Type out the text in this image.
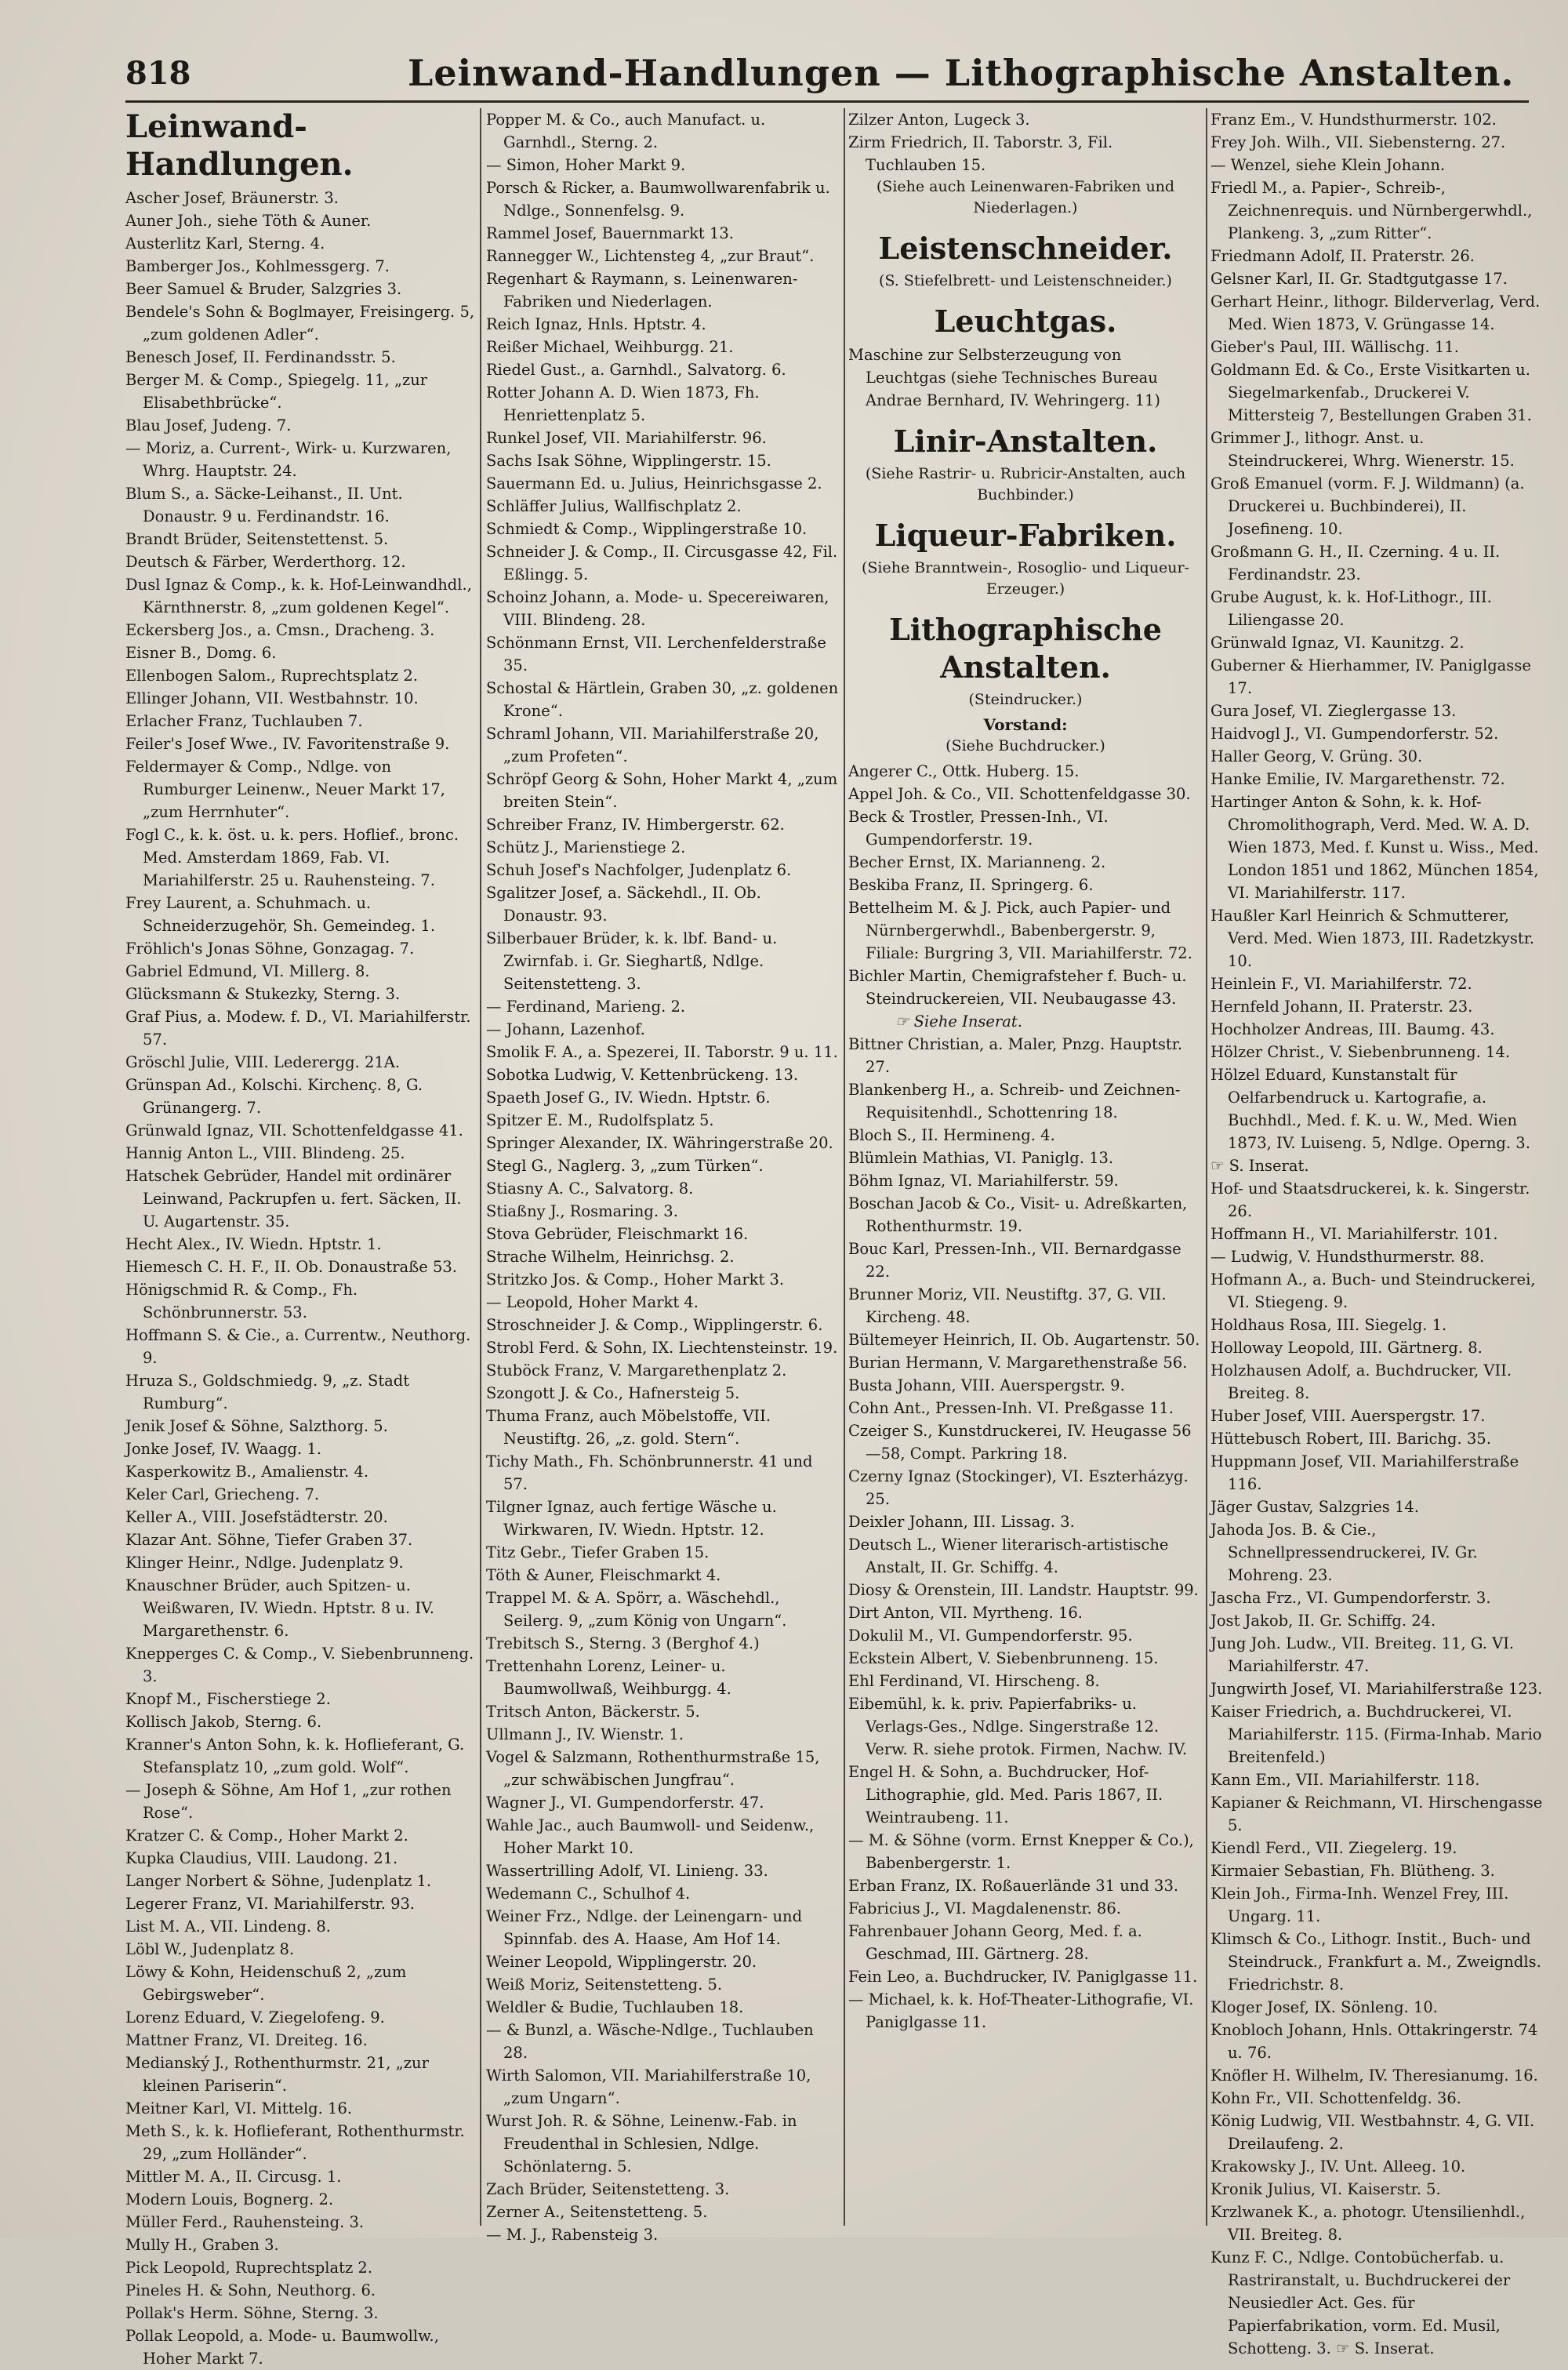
818	Leinwand-Handlungen — Lithographische Anstalten.
Leinwand-Handlungen.

Ascher Josef, Bräunerstr. 3.

Auner Joh., siehe Töth & Auner.

Austerlitz Karl, Sterng. 4.

Bamberger Jos., Kohlmessgerg. 7.

Beer Samuel & Bruder, Salzgries 3.

Bendele's Sohn & Boglmayer, Freisingerg. 5, „zum goldenen Adler“.

Benesch Josef, II. Ferdinandsstr. 5.

Berger M. & Comp., Spiegelg. 11, „zur Elisabethbrücke“.

Blau Josef, Judeng. 7.

— Moriz, a. Current-, Wirk- u. Kurzwaren, Whrg. Hauptstr. 24.

Blum S., a. Säcke-Leihanst., II. Unt. Donaustr. 9 u. Ferdinandstr. 16.

Brandt Brüder, Seitenstettenst. 5.

Deutsch & Färber, Werderthorg. 12.

Dusl Ignaz & Comp., k. k. Hof-Leinwandhdl., Kärnthnerstr. 8, „zum goldenen Kegel“.

Eckersberg Jos., a. Cmsn., Dracheng. 3.

Eisner B., Domg. 6.

Ellenbogen Salom., Ruprechtsplatz 2.

Ellinger Johann, VII. Westbahnstr. 10.

Erlacher Franz, Tuchlauben 7.

Feiler's Josef Wwe., IV. Favoritenstraße 9.

Feldermayer & Comp., Ndlge. von Rumburger Leinenw., Neuer Markt 17, „zum Herrnhuter“.

Fogl C., k. k. öst. u. k. pers. Hoflief., bronc. Med. Amsterdam 1869, Fab. VI. Mariahilferstr. 25 u. Rauhensteing. 7.

Frey Laurent, a. Schuhmach. u. Schneiderzugehör, Sh. Gemeindeg. 1.

Fröhlich's Jonas Söhne, Gonzagag. 7.

Gabriel Edmund, VI. Millerg. 8.

Glücksmann & Stukezky, Sterng. 3.

Graf Pius, a. Modew. f. D., VI. Mariahilferstr. 57.

Gröschl Julie, VIII. Lederergg. 21A.

Grünspan Ad., Kolschi. Kirchenç. 8, G. Grünangerg. 7.

Grünwald Ignaz, VII. Schottenfeldgasse 41.

Hannig Anton L., VIII. Blindeng. 25.

Hatschek Gebrüder, Handel mit ordinärer Leinwand, Packrupfen u. fert. Säcken, II. U. Augartenstr. 35.

Hecht Alex., IV. Wiedn. Hptstr. 1.

Hiemesch C. H. F., II. Ob. Donaustraße 53.

Hönigschmid R. & Comp., Fh. Schönbrunnerstr. 53.

Hoffmann S. & Cie., a. Currentw., Neuthorg. 9.

Hruza S., Goldschmiedg. 9, „z. Stadt Rumburg“.

Jenik Josef & Söhne, Salzthorg. 5.

Jonke Josef, IV. Waagg. 1.

Kasperkowitz B., Amalienstr. 4.

Keler Carl, Griecheng. 7.

Keller A., VIII. Josefstädterstr. 20.

Klazar Ant. Söhne, Tiefer Graben 37.

Klinger Heinr., Ndlge. Judenplatz 9.

Knauschner Brüder, auch Spitzen- u. Weißwaren, IV. Wiedn. Hptstr. 8 u. IV. Margarethenstr. 6.

Knepperges C. & Comp., V. Siebenbrunneng. 3.

Knopf M., Fischerstiege 2.

Kollisch Jakob, Sterng. 6.

Kranner's Anton Sohn, k. k. Hoflieferant, G. Stefansplatz 10, „zum gold. Wolf“.

— Joseph & Söhne, Am Hof 1, „zur rothen Rose“.

Kratzer C. & Comp., Hoher Markt 2.

Kupka Claudius, VIII. Laudong. 21.

Langer Norbert & Söhne, Judenplatz 1.

Legerer Franz, VI. Mariahilferstr. 93.

List M. A., VII. Lindeng. 8.

Löbl W., Judenplatz 8.

Löwy & Kohn, Heidenschuß 2, „zum Gebirgsweber“.

Lorenz Eduard, V. Ziegelofeng. 9.

Mattner Franz, VI. Dreiteg. 16.

Medianský J., Rothenthurmstr. 21, „zur kleinen Pariserin“.

Meitner Karl, VI. Mittelg. 16.

Meth S., k. k. Hoflieferant, Rothenthurmstr. 29, „zum Holländer“.

Mittler M. A., II. Circusg. 1.

Modern Louis, Bognerg. 2.

Müller Ferd., Rauhensteing. 3.

Mully H., Graben 3.

Pick Leopold, Ruprechtsplatz 2.

Pineles H. & Sohn, Neuthorg. 6.

Pollak's Herm. Söhne, Sterng. 3.

Pollak Leopold, a. Mode- u. Baumwollw., Hoher Markt 7.

Popper M. & Co., auch Manufact. u. Garnhdl., Sterng. 2.

— Simon, Hoher Markt 9.

Porsch & Ricker, a. Baumwollwarenfabrik u. Ndlge., Sonnenfelsg. 9.

Rammel Josef, Bauernmarkt 13.

Rannegger W., Lichtensteg 4, „zur Braut“.

Regenhart & Raymann, s. Leinenwaren-Fabriken und Niederlagen.

Reich Ignaz, Hnls. Hptstr. 4.

Reißer Michael, Weihburgg. 21.

Riedel Gust., a. Garnhdl., Salvatorg. 6.

Rotter Johann A. D. Wien 1873, Fh. Henriettenplatz 5.

Runkel Josef, VII. Mariahilferstr. 96.

Sachs Isak Söhne, Wipplingerstr. 15.

Sauermann Ed. u. Julius, Heinrichsgasse 2.

Schläffer Julius, Wallfischplatz 2.

Schmiedt & Comp., Wipplingerstraße 10.

Schneider J. & Comp., II. Circusgasse 42, Fil. Eßlingg. 5.

Schoinz Johann, a. Mode- u. Specereiwaren, VIII. Blindeng. 28.

Schönmann Ernst, VII. Lerchenfelderstraße 35.

Schostal & Härtlein, Graben 30, „z. goldenen Krone“.

Schraml Johann, VII. Mariahilferstraße 20, „zum Profeten“.

Schröpf Georg & Sohn, Hoher Markt 4, „zum breiten Stein“.

Schreiber Franz, IV. Himbergerstr. 62.

Schütz J., Marienstiege 2.

Schuh Josef's Nachfolger, Judenplatz 6.

Sgalitzer Josef, a. Säckehdl., II. Ob. Donaustr. 93.

Silberbauer Brüder, k. k. lbf. Band- u. Zwirnfab. i. Gr. Sieghartß, Ndlge. Seitenstetteng. 3.

— Ferdinand, Marieng. 2.

— Johann, Lazenhof.

Smolik F. A., a. Spezerei, II. Taborstr. 9 u. 11.

Sobotka Ludwig, V. Kettenbrückeng. 13.

Spaeth Josef G., IV. Wiedn. Hptstr. 6.

Spitzer E. M., Rudolfsplatz 5.

Springer Alexander, IX. Währingerstraße 20.

Stegl G., Naglerg. 3, „zum Türken“.

Stiasny A. C., Salvatorg. 8.

Stiaßny J., Rosmaring. 3.

Stova Gebrüder, Fleischmarkt 16.

Strache Wilhelm, Heinrichsg. 2.

Stritzko Jos. & Comp., Hoher Markt 3.

— Leopold, Hoher Markt 4.

Stroschneider J. & Comp., Wipplingerstr. 6.

Strobl Ferd. & Sohn, IX. Liechtensteinstr. 19.

Stuböck Franz, V. Margarethenplatz 2.

Szongott J. & Co., Hafnersteig 5.

Thuma Franz, auch Möbelstoffe, VII. Neustiftg. 26, „z. gold. Stern“.

Tichy Math., Fh. Schönbrunnerstr. 41 und 57.

Tilgner Ignaz, auch fertige Wäsche u. Wirkwaren, IV. Wiedn. Hptstr. 12.

Titz Gebr., Tiefer Graben 15.

Töth & Auner, Fleischmarkt 4.

Trappel M. & A. Spörr, a. Wäschehdl., Seilerg. 9, „zum König von Ungarn“.

Trebitsch S., Sterng. 3 (Berghof 4.)

Trettenhahn Lorenz, Leiner- u. Baumwollwaß, Weihburgg. 4.

Tritsch Anton, Bäckerstr. 5.

Ullmann J., IV. Wienstr. 1.

Vogel & Salzmann, Rothenthurmstraße 15, „zur schwäbischen Jungfrau“.

Wagner J., VI. Gumpendorferstr. 47.

Wahle Jac., auch Baumwoll- und Seidenw., Hoher Markt 10.

Wassertrilling Adolf, VI. Linieng. 33.

Wedemann C., Schulhof 4.

Weiner Frz., Ndlge. der Leinengarn- und Spinnfab. des A. Haase, Am Hof 14.

Weiner Leopold, Wipplingerstr. 20.

Weiß Moriz, Seitenstetteng. 5.

Weldler & Budie, Tuchlauben 18.

— & Bunzl, a. Wäsche-Ndlge., Tuchlauben 28.

Wirth Salomon, VII. Mariahilferstraße 10, „zum Ungarn“.

Wurst Joh. R. & Söhne, Leinenw.-Fab. in Freudenthal in Schlesien, Ndlge. Schönlaterng. 5.

Zach Brüder, Seitenstetteng. 3.

Zerner A., Seitenstetteng. 5.

— M. J., Rabensteig 3.

Zilzer Anton, Lugeck 3.

Zirm Friedrich, II. Taborstr. 3, Fil. Tuchlauben 15.

(Siehe auch Leinenwaren-Fabriken und Niederlagen.)
Leistenschneider.
(S. Stiefelbrett- und Leistenschneider.)
Leuchtgas.

Maschine zur Selbsterzeugung von Leuchtgas (siehe Technisches Bureau Andrae Bernhard, IV. Wehringerg. 11)

Linir-Anstalten.
(Siehe Rastrir- u. Rubricir-Anstalten, auch Buchbinder.)
Liqueur-Fabriken.
(Siehe Branntwein-, Rosoglio- und Liqueur-Erzeuger.)
Lithographische
Anstalten.
(Steindrucker.)
Vorstand:
(Siehe Buchdrucker.)

Angerer C., Ottk. Huberg. 15.

Appel Joh. & Co., VII. Schottenfeldgasse 30.

Beck & Trostler, Pressen-Inh., VI. Gumpendorferstr. 19.

Becher Ernst, IX. Marianneng. 2.

Beskiba Franz, II. Springerg. 6.

Bettelheim M. & J. Pick, auch Papier- und Nürnbergerwhdl., Babenbergerstr. 9, Filiale: Burgring 3, VII. Mariahilferstr. 72.

Bichler Martin, Chemigrafsteher f. Buch- u. Steindruckereien, VII. Neubaugasse 43.

☞ Siehe Inserat.

Bittner Christian, a. Maler, Pnzg. Hauptstr. 27.

Blankenberg H., a. Schreib- und Zeichnen-Requisitenhdl., Schottenring 18.

Bloch S., II. Hermineng. 4.

Blümlein Mathias, VI. Paniglg. 13.

Böhm Ignaz, VI. Mariahilferstr. 59.

Boschan Jacob & Co., Visit- u. Adreßkarten, Rothenthurmstr. 19.

Bouc Karl, Pressen-Inh., VII. Bernardgasse 22.

Brunner Moriz, VII. Neustiftg. 37, G. VII. Kircheng. 48.

Bültemeyer Heinrich, II. Ob. Augartenstr. 50.

Burian Hermann, V. Margarethenstraße 56.

Busta Johann, VIII. Auerspergstr. 9.

Cohn Ant., Pressen-Inh. VI. Preßgasse 11.

Czeiger S., Kunstdruckerei, IV. Heugasse 56—58, Compt. Parkring 18.

Czerny Ignaz (Stockinger), VI. Eszterházyg. 25.

Deixler Johann, III. Lissag. 3.

Deutsch L., Wiener literarisch-artistische Anstalt, II. Gr. Schiffg. 4.

Diosy & Orenstein, III. Landstr. Hauptstr. 99.

Dirt Anton, VII. Myrtheng. 16.

Dokulil M., VI. Gumpendorferstr. 95.

Eckstein Albert, V. Siebenbrunneng. 15.

Ehl Ferdinand, VI. Hirscheng. 8.

Eibemühl, k. k. priv. Papierfabriks- u. Verlags-Ges., Ndlge. Singerstraße 12. Verw. R. siehe protok. Firmen, Nachw. IV.

Engel H. & Sohn, a. Buchdrucker, Hof-Lithographie, gld. Med. Paris 1867, II. Weintraubeng. 11.

— M. & Söhne (vorm. Ernst Knepper & Co.), Babenbergerstr. 1.

Erban Franz, IX. Roßauerlände 31 und 33.

Fabricius J., VI. Magdalenenstr. 86.

Fahrenbauer Johann Georg, Med. f. a. Geschmad, III. Gärtnerg. 28.

Fein Leo, a. Buchdrucker, IV. Paniglgasse 11.

— Michael, k. k. Hof-Theater-Lithografie, VI. Paniglgasse 11.

Franz Em., V. Hundsthurmerstr. 102.

Frey Joh. Wilh., VII. Siebensterng. 27.

— Wenzel, siehe Klein Johann.

Friedl M., a. Papier-, Schreib-, Zeichnenrequis. und Nürnbergerwhdl., Plankeng. 3, „zum Ritter“.

Friedmann Adolf, II. Praterstr. 26.

Gelsner Karl, II. Gr. Stadtgutgasse 17.

Gerhart Heinr., lithogr. Bilderverlag, Verd. Med. Wien 1873, V. Grüngasse 14.

Gieber's Paul, III. Wällischg. 11.

Goldmann Ed. & Co., Erste Visitkarten u. Siegelmarkenfab., Druckerei V. Mittersteig 7, Bestellungen Graben 31.

Grimmer J., lithogr. Anst. u. Steindruckerei, Whrg. Wienerstr. 15.

Groß Emanuel (vorm. F. J. Wildmann) (a. Druckerei u. Buchbinderei), II. Josefineng. 10.

Großmann G. H., II. Czerning. 4 u. II. Ferdinandstr. 23.

Grube August, k. k. Hof-Lithogr., III. Liliengasse 20.

Grünwald Ignaz, VI. Kaunitzg. 2.

Guberner & Hierhammer, IV. Paniglgasse 17.

Gura Josef, VI. Zieglergasse 13.

Haidvogl J., VI. Gumpendorferstr. 52.

Haller Georg, V. Grüng. 30.

Hanke Emilie, IV. Margarethenstr. 72.

Hartinger Anton & Sohn, k. k. Hof-Chromolithograph, Verd. Med. W. A. D. Wien 1873, Med. f. Kunst u. Wiss., Med. London 1851 und 1862, München 1854, VI. Mariahilferstr. 117.

Haußler Karl Heinrich & Schmutterer, Verd. Med. Wien 1873, III. Radetzkystr. 10.

Heinlein F., VI. Mariahilferstr. 72.

Hernfeld Johann, II. Praterstr. 23.

Hochholzer Andreas, III. Baumg. 43.

Hölzer Christ., V. Siebenbrunneng. 14.

Hölzel Eduard, Kunstanstalt für Oelfarbendruck u. Kartografie, a. Buchhdl., Med. f. K. u. W., Med. Wien 1873, IV. Luiseng. 5, Ndlge. Operng. 3.

☞ S. Inserat.

Hof- und Staatsdruckerei, k. k. Singerstr. 26.

Hoffmann H., VI. Mariahilferstr. 101.

— Ludwig, V. Hundsthurmerstr. 88.

Hofmann A., a. Buch- und Steindruckerei, VI. Stiegeng. 9.

Holdhaus Rosa, III. Siegelg. 1.

Holloway Leopold, III. Gärtnerg. 8.

Holzhausen Adolf, a. Buchdrucker, VII. Breiteg. 8.

Huber Josef, VIII. Auerspergstr. 17.

Hüttebusch Robert, III. Barichg. 35.

Huppmann Josef, VII. Mariahilferstraße 116.

Jäger Gustav, Salzgries 14.

Jahoda Jos. B. & Cie., Schnellpressendruckerei, IV. Gr. Mohreng. 23.

Jascha Frz., VI. Gumpendorferstr. 3.

Jost Jakob, II. Gr. Schiffg. 24.

Jung Joh. Ludw., VII. Breiteg. 11, G. VI. Mariahilferstr. 47.

Jungwirth Josef, VI. Mariahilferstraße 123.

Kaiser Friedrich, a. Buchdruckerei, VI. Mariahilferstr. 115. (Firma-Inhab. Mario Breitenfeld.)

Kann Em., VII. Mariahilferstr. 118.

Kapianer & Reichmann, VI. Hirschengasse 5.

Kiendl Ferd., VII. Ziegelerg. 19.

Kirmaier Sebastian, Fh. Blütheng. 3.

Klein Joh., Firma-Inh. Wenzel Frey, III. Ungarg. 11.

Klimsch & Co., Lithogr. Instit., Buch- und Steindruck., Frankfurt a. M., Zweigndls. Friedrichstr. 8.

Kloger Josef, IX. Sönleng. 10.

Knobloch Johann, Hnls. Ottakringerstr. 74 u. 76.

Knöfler H. Wilhelm, IV. Theresianumg. 16.

Kohn Fr., VII. Schottenfeldg. 36.

König Ludwig, VII. Westbahnstr. 4, G. VII. Dreilaufeng. 2.

Krakowsky J., IV. Unt. Alleeg. 10.

Kronik Julius, VI. Kaiserstr. 5.

Krzlwanek K., a. photogr. Utensilienhdl., VII. Breiteg. 8.

Kunz F. C., Ndlge. Contobücherfab. u. Rastriranstalt, u. Buchdruckerei der Neusiedler Act. Ges. für Papierfabrikation, vorm. Ed. Musil, Schotteng. 3. ☞ S. Inserat.
